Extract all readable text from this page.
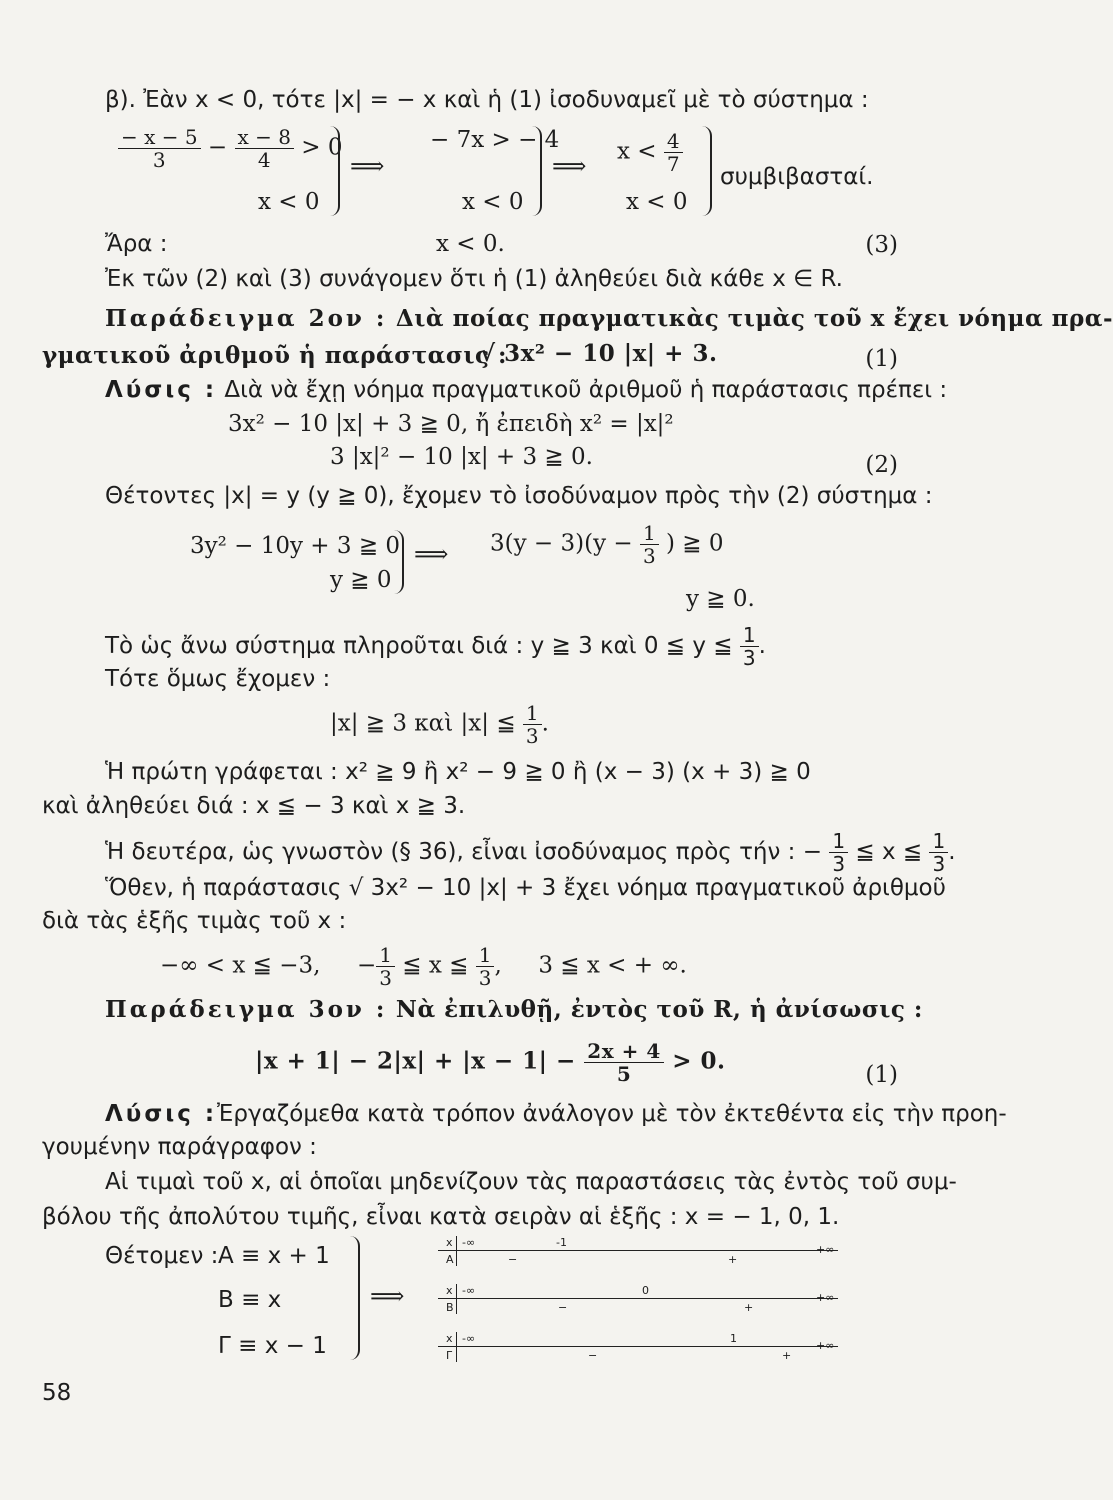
β). Ἐὰν x < 0, τότε |x| = − x καὶ ἡ (1) ἰσοδυναμεῖ μὲ τὸ σύστημα :
$\frac{- x - 5}{3} - \frac{x - 8}{4} > 0$
⟹
− 7x > − 4
⟹
$x < \frac{4}{7}$
συμβιβασταί.
x < 0	x < 0	x < 0
Ἄρα :	x < 0.	(3)
Ἐκ τῶν (2) καὶ (3) συνάγομεν ὅτι ἡ (1) ἀληθεύει διὰ κάθε x ∈ R.
Παράδειγμα 2ον : Διὰ ποίας πραγματικὰς τιμὰς τοῦ x ἔχει νόημα πρα-
γματικοῦ ἀριθμοῦ ἡ παράστασις :
√ 3x² − 10 |x| + 3.	(1)
Λύσις : Διὰ νὰ ἔχῃ νόημα πραγματικοῦ ἀριθμοῦ ἡ παράστασις πρέπει :
3x² − 10 |x| + 3 ≧ 0, ἤ ἐπειδὴ x² = |x|²
3 |x|² − 10 |x| + 3 ≧ 0.	(2)
Θέτοντες |x| = y (y ≧ 0), ἔχομεν τὸ ἰσοδύναμον πρὸς τὴν (2) σύστημα :
3y² − 10y + 3 ≧ 0
y ≧ 0
⟹ $3(y - 3)(y - \frac{1}{3}$ ) ≧ 0
y ≧ 0.
Τὸ ὡς ἄνω σύστημα πληροῦται διά : y ≧ 3 καὶ 0 ≦ y ≦ $\frac{1}{3}$ .
Τότε ὅμως ἔχομεν :
|x| ≧ 3 καὶ |x| ≦ $\frac{1}{3}$ .
Ἡ πρώτη γράφεται : x² ≧ 9 ἢ x² − 9 ≧ 0 ἢ (x − 3) (x + 3) ≧ 0
καὶ ἀληθεύει διά : x ≦ − 3 καὶ x ≧ 3.
Ἡ δευτέρα, ὡς γνωστὸν (§ 36), εἶναι ἰσοδύναμος πρὸς τήν : − $\frac{1}{3}$ ≦ x ≦ $\frac{1}{3}$ .
Ὅθεν, ἡ παράστασις √ 3x² − 10 |x| + 3 ἔχει νόημα πραγματικοῦ ἀριθμοῦ
διὰ τὰς ἑξῆς τιμὰς τοῦ x :
−∞ < x ≦ −3, − $\frac{1}{3}$ ≦ x ≦ $\frac{1}{3}$ ,     3 ≦ x < + ∞.
Παράδειγμα 3ον : Νὰ ἐπιλυθῇ, ἐντὸς τοῦ R, ἡ ἀνίσωσις :
$|x + 1| - 2|x| + |x - 1| - \frac{2x + 4}{5} > 0$.
(1)
Λύσις :Ἐργαζόμεθα κατὰ τρόπον ἀνάλογον μὲ τὸν ἐκτεθέντα εἰς τὴν προη-
γουμένην παράγραφον :
Αἱ τιμαὶ τοῦ x, αἱ ὁποῖαι μηδενίζουν τὰς παραστάσεις τὰς ἐντὸς τοῦ συμ-
βόλου τῆς ἀπολύτου τιμῆς, εἶναι κατὰ σειρὰν αἱ ἑξῆς : x = − 1, 0, 1.
Θέτομεν : A ≡ x + 1
B ≡ x
Γ ≡ x − 1
⟹
x
A
-∞	-1
+∞
−	+
x
B
-∞	0
+∞
−	+
x
Γ
-∞	1
+∞
−	+
58
